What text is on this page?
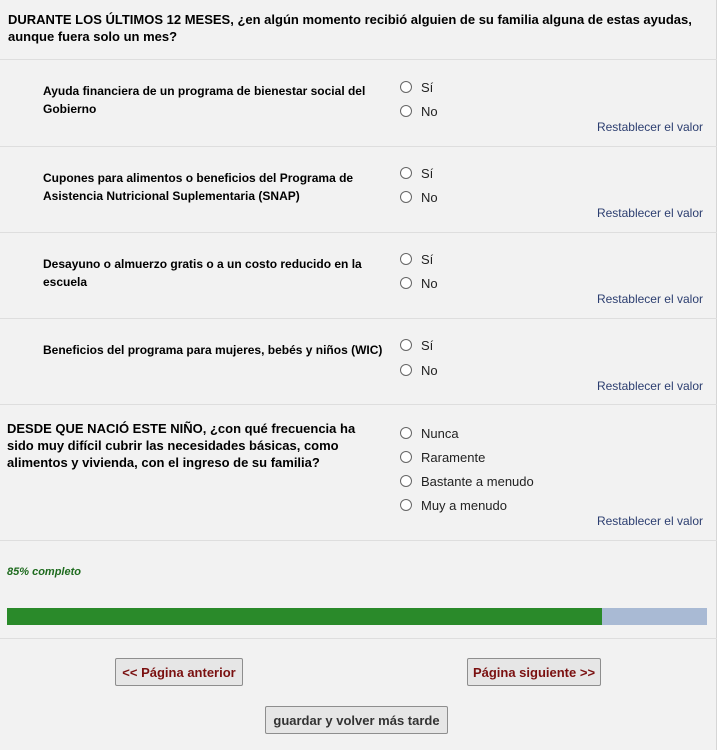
DURANTE LOS ÚLTIMOS 12 MESES, ¿en algún momento recibió alguien de su familia alguna de estas ayudas, aunque fuera solo un mes?
Ayuda financiera de un programa de bienestar social del Gobierno
Sí
No
Restablecer el valor
Cupones para alimentos o beneficios del Programa de Asistencia Nutricional Suplementaria (SNAP)
Sí
No
Restablecer el valor
Desayuno o almuerzo gratis o a un costo reducido en la escuela
Sí
No
Restablecer el valor
Beneficios del programa para mujeres, bebés y niños (WIC)	Sí
No
Restablecer el valor
DESDE QUE NACIÓ ESTE NIÑO, ¿con qué frecuencia ha sido muy difícil cubrir las necesidades básicas, como alimentos y vivienda, con el ingreso de su familia?
Nunca
Raramente
Bastante a menudo
Muy a menudo
Restablecer el valor
85% completo
<< Página anterior	Página siguiente >>
guardar y volver más tarde
